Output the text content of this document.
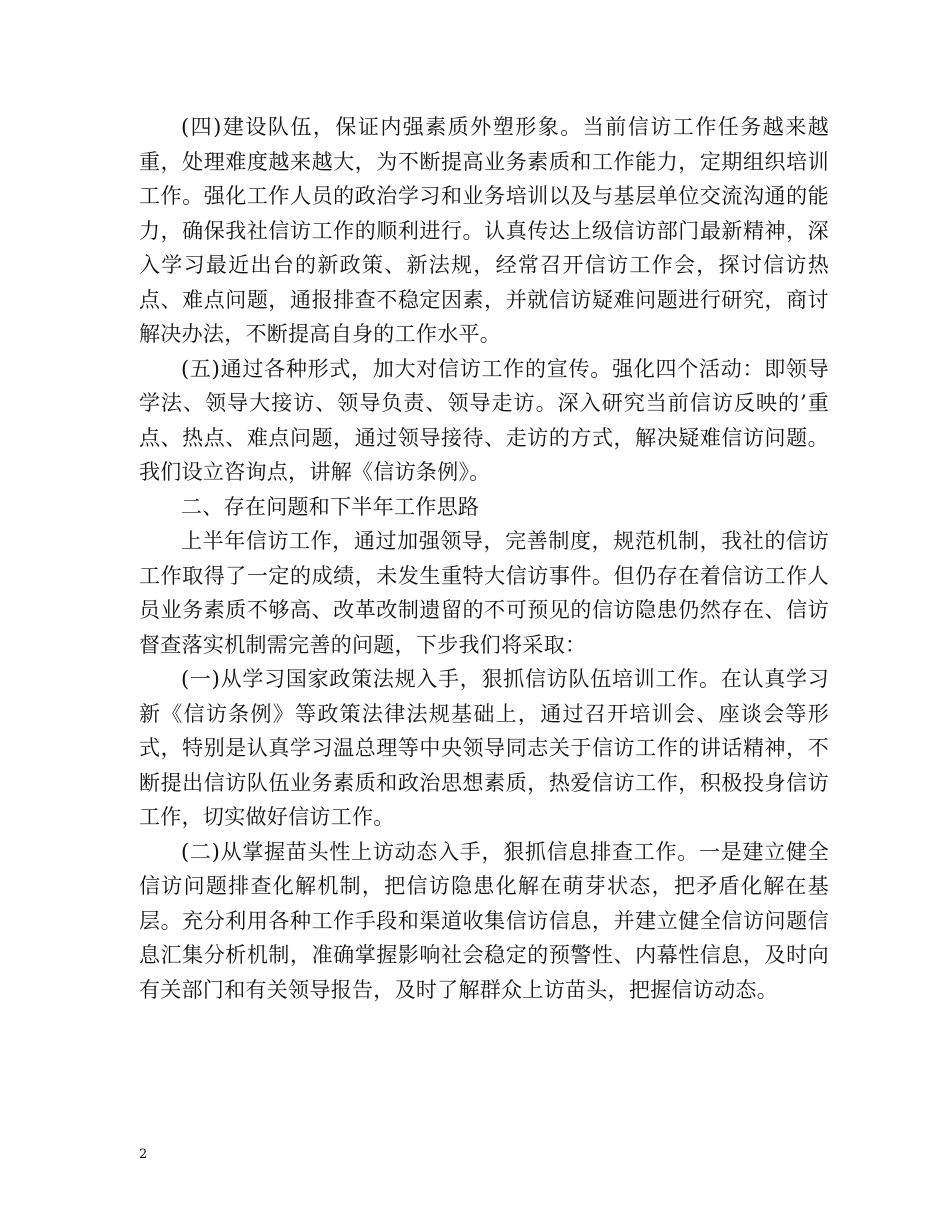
(四)建设队伍，保证内强素质外塑形象。当前信访工作任务越来越重，处理难度越来越大，为不断提高业务素质和工作能力，定期组织培训工作。强化工作人员的政治学习和业务培训以及与基层单位交流沟通的能力，确保我社信访工作的顺利进行。认真传达上级信访部门最新精神，深入学习最近出台的新政策、新法规，经常召开信访工作会，探讨信访热点、难点问题，通报排查不稳定因素，并就信访疑难问题进行研究，商讨解决办法，不断提高自身的工作水平。

(五)通过各种形式，加大对信访工作的宣传。强化四个活动：即领导学法、领导大接访、领导负责、领导走访。深入研究当前信访反映的’重点、热点、难点问题，通过领导接待、走访的方式，解决疑难信访问题。我们设立咨询点，讲解《信访条例》。

二、存在问题和下半年工作思路

上半年信访工作，通过加强领导，完善制度，规范机制，我社的信访工作取得了一定的成绩，未发生重特大信访事件。但仍存在着信访工作人员业务素质不够高、改革改制遗留的不可预见的信访隐患仍然存在、信访督查落实机制需完善的问题，下步我们将采取：

(一)从学习国家政策法规入手，狠抓信访队伍培训工作。在认真学习新《信访条例》等政策法律法规基础上，通过召开培训会、座谈会等形式，特别是认真学习温总理等中央领导同志关于信访工作的讲话精神，不断提出信访队伍业务素质和政治思想素质，热爱信访工作，积极投身信访工作，切实做好信访工作。

(二)从掌握苗头性上访动态入手，狠抓信息排查工作。一是建立健全信访问题排查化解机制，把信访隐患化解在萌芽状态，把矛盾化解在基层。充分利用各种工作手段和渠道收集信访信息，并建立健全信访问题信息汇集分析机制，准确掌握影响社会稳定的预警性、内幕性信息，及时向有关部门和有关领导报告，及时了解群众上访苗头，把握信访动态。

2
